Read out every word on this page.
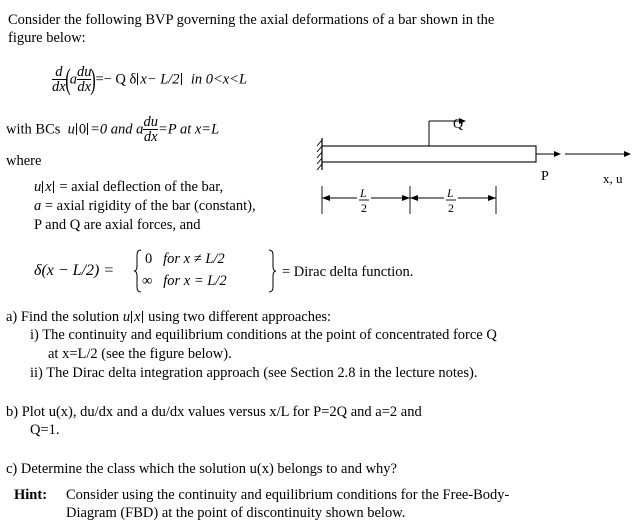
Consider the following BVP governing the axial deformations of a bar shown in the
figure below:
$\frac{d}{dx} (a \frac{du}{dx}$ )=− Q δ x− L/2 in 0<x<L
with BCs u 0 =0 and a $\frac{du}{dx} =P$ at x=L
where
u x = axial deflection of the bar,
a = axial rigidity of the bar (constant),
P and Q are axial forces, and
δ(x − L/2) =
0 for x ≠ L/2
∞ for x = L/2
= Dirac delta function.
Q
P	x, u
L
2
L
2
a) Find the solution u x using two different approaches:
i) The continuity and equilibrium conditions at the point of concentrated force Q
at x=L/2 (see the figure below).
ii) The Dirac delta integration approach (see Section 2.8 in the lecture notes).
b) Plot u(x), du/dx and a du/dx values versus x/L for P=2Q and a=2 and
Q=1.
c) Determine the class which the solution u(x) belongs to and why?
Hint: Consider using the continuity and equilibrium conditions for the Free-Body-
Diagram (FBD) at the point of discontinuity shown below.
